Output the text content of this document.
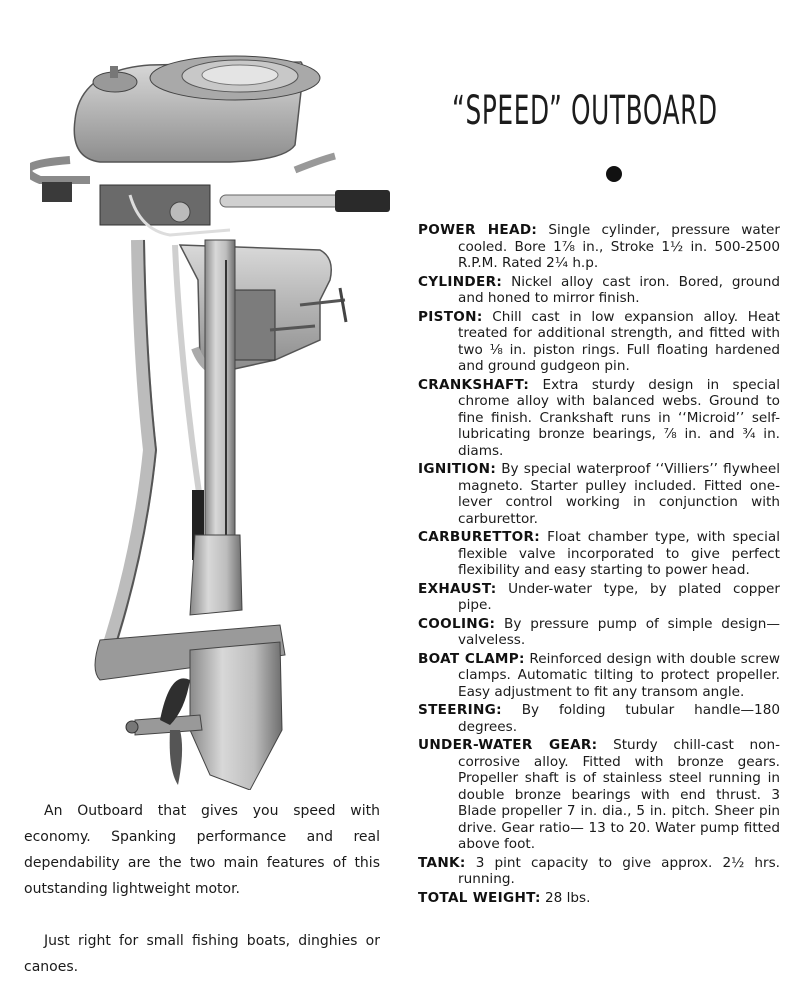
“SPEED” OUTBOARD

POWER HEAD: Single cylinder, pressure water cooled. Bore 1⅞ in., Stroke 1½ in. 500-2500 R.P.M. Rated 2¼ h.p.

CYLINDER: Nickel alloy cast iron. Bored, ground and honed to mirror finish.

PISTON: Chill cast in low expansion alloy. Heat treated for additional strength, and fitted with two ⅛ in. piston rings. Full floating hardened and ground gudgeon pin.

CRANKSHAFT: Extra sturdy design in special chrome alloy with balanced webs. Ground to fine finish. Crankshaft runs in ‘‘Microid’’ self-lubricating bronze bearings, ⅞ in. and ¾ in. diams.

IGNITION: By special waterproof ‘‘Villiers’’ flywheel magneto. Starter pulley included. Fitted one-lever control working in conjunction with carburettor.

CARBURETTOR: Float chamber type, with special flexible valve incorporated to give perfect flexibility and easy starting to power head.

EXHAUST: Under-water type, by plated copper pipe.

COOLING: By pressure pump of simple design—valveless.

BOAT CLAMP: Reinforced design with double screw clamps. Automatic tilting to protect propeller. Easy adjustment to fit any transom angle.

STEERING: By folding tubular handle—180 degrees.

UNDER-WATER GEAR: Sturdy chill-cast non-corrosive alloy. Fitted with bronze gears. Propeller shaft is of stainless steel running in double bronze bearings with end thrust. 3 Blade propeller 7 in. dia., 5 in. pitch. Sheer pin drive. Gear ratio— 13 to 20. Water pump fitted above foot.

TANK: 3 pint capacity to give approx. 2½ hrs. running.

TOTAL WEIGHT: 28 lbs.

An Outboard that gives you speed with economy. Spanking performance and real dependability are the two main features of this outstanding lightweight motor.

Just right for small fishing boats, dinghies or canoes.
